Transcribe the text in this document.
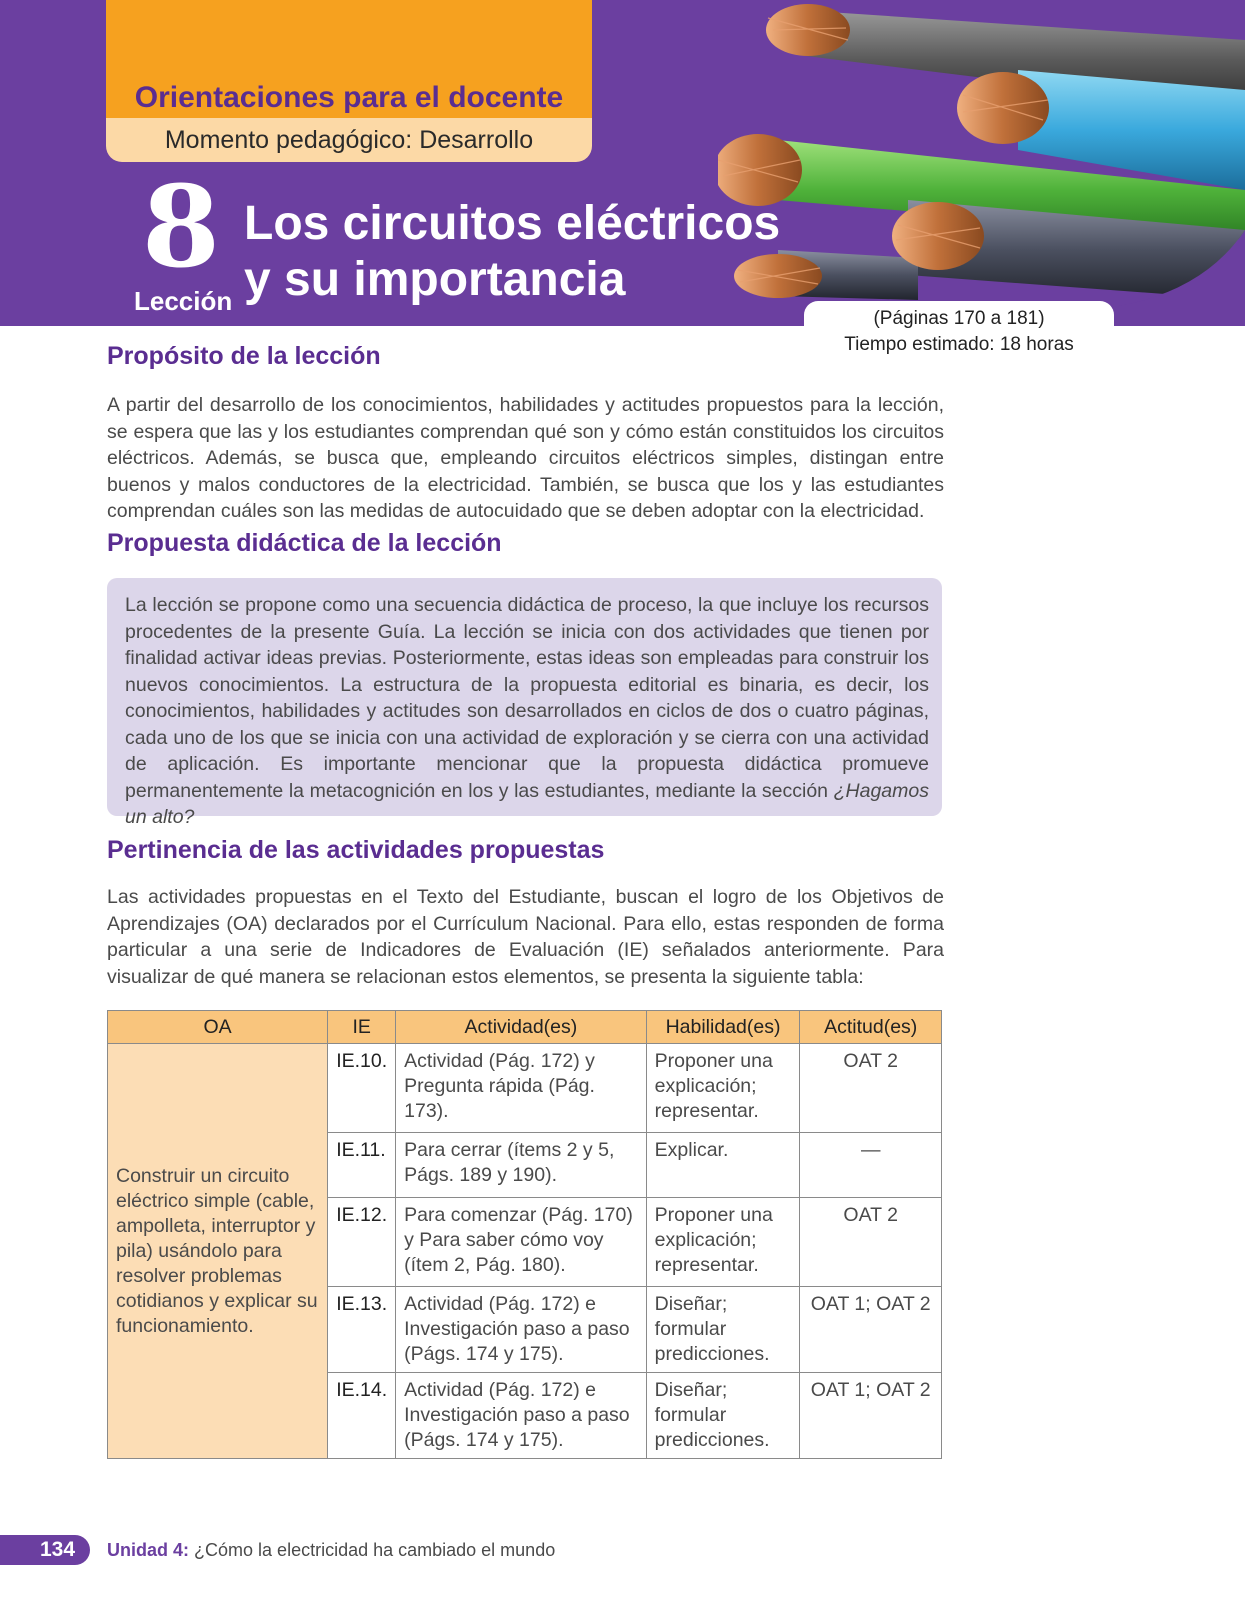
Orientaciones para el docente
Momento pedagógico: Desarrollo
8
Lección
Los circuitos eléctricos
y su importancia
(Páginas 170 a 181)
Tiempo estimado: 18 horas
Propósito de la lección

A partir del desarrollo de los conocimientos, habilidades y actitudes propuestos para la lección, se espera que las y los estudiantes comprendan qué son y cómo están constituidos los circuitos eléctricos. Además, se busca que, empleando circuitos eléctricos simples, distingan entre buenos y malos conductores de la electricidad. También, se busca que los y las estudiantes comprendan cuáles son las medidas de autocuidado que se deben adoptar con la electricidad.

Propuesta didáctica de la lección

La lección se propone como una secuencia didáctica de proceso, la que incluye los recursos procedentes de la presente Guía. La lección se inicia con dos actividades que tienen por finalidad activar ideas previas. Posteriormente, estas ideas son empleadas para construir los nuevos conocimientos. La estructura de la propuesta editorial es binaria, es decir, los conocimientos, habilidades y actitudes son desarrollados en ciclos de dos o cuatro páginas, cada uno de los que se inicia con una actividad de exploración y se cierra con una actividad de aplicación. Es importante mencionar que la propuesta didáctica promueve permanentemente la metacognición en los y las estudiantes, mediante la sección ¿Hagamos un alto?

Pertinencia de las actividades propuestas

Las actividades propuestas en el Texto del Estudiante, buscan el logro de los Objetivos de Aprendizajes (OA) declarados por el Currículum Nacional. Para ello, estas responden de forma particular a una serie de Indicadores de Evaluación (IE) señalados anteriormente. Para visualizar de qué manera se relacionan estos elementos, se presenta la siguiente tabla:

OA	IE	Actividad(es)	Habilidad(es)	Actitud(es)
Construir un circuito eléctrico simple (cable, ampolleta, interruptor y pila) usándolo para resolver problemas cotidianos y explicar su funcionamiento.	IE.10.	Actividad (Pág. 172) y Pregunta rápida (Pág. 173).	Proponer una explicación; representar.	OAT 2
	IE.11.	Para cerrar (ítems 2 y 5, Págs. 189 y 190).	Explicar.	—
	IE.12.	Para comenzar (Pág. 170) y Para saber cómo voy (ítem 2, Pág. 180).	Proponer una explicación; representar.	OAT 2
	IE.13.	Actividad (Pág. 172) e Investigación paso a paso (Págs. 174 y 175).	Diseñar; formular predicciones.	OAT 1; OAT 2
	IE.14.	Actividad (Pág. 172) e Investigación paso a paso (Págs. 174 y 175).	Diseñar; formular predicciones.	OAT 1; OAT 2
134	Unidad 4: ¿Cómo la electricidad ha cambiado el mundo
